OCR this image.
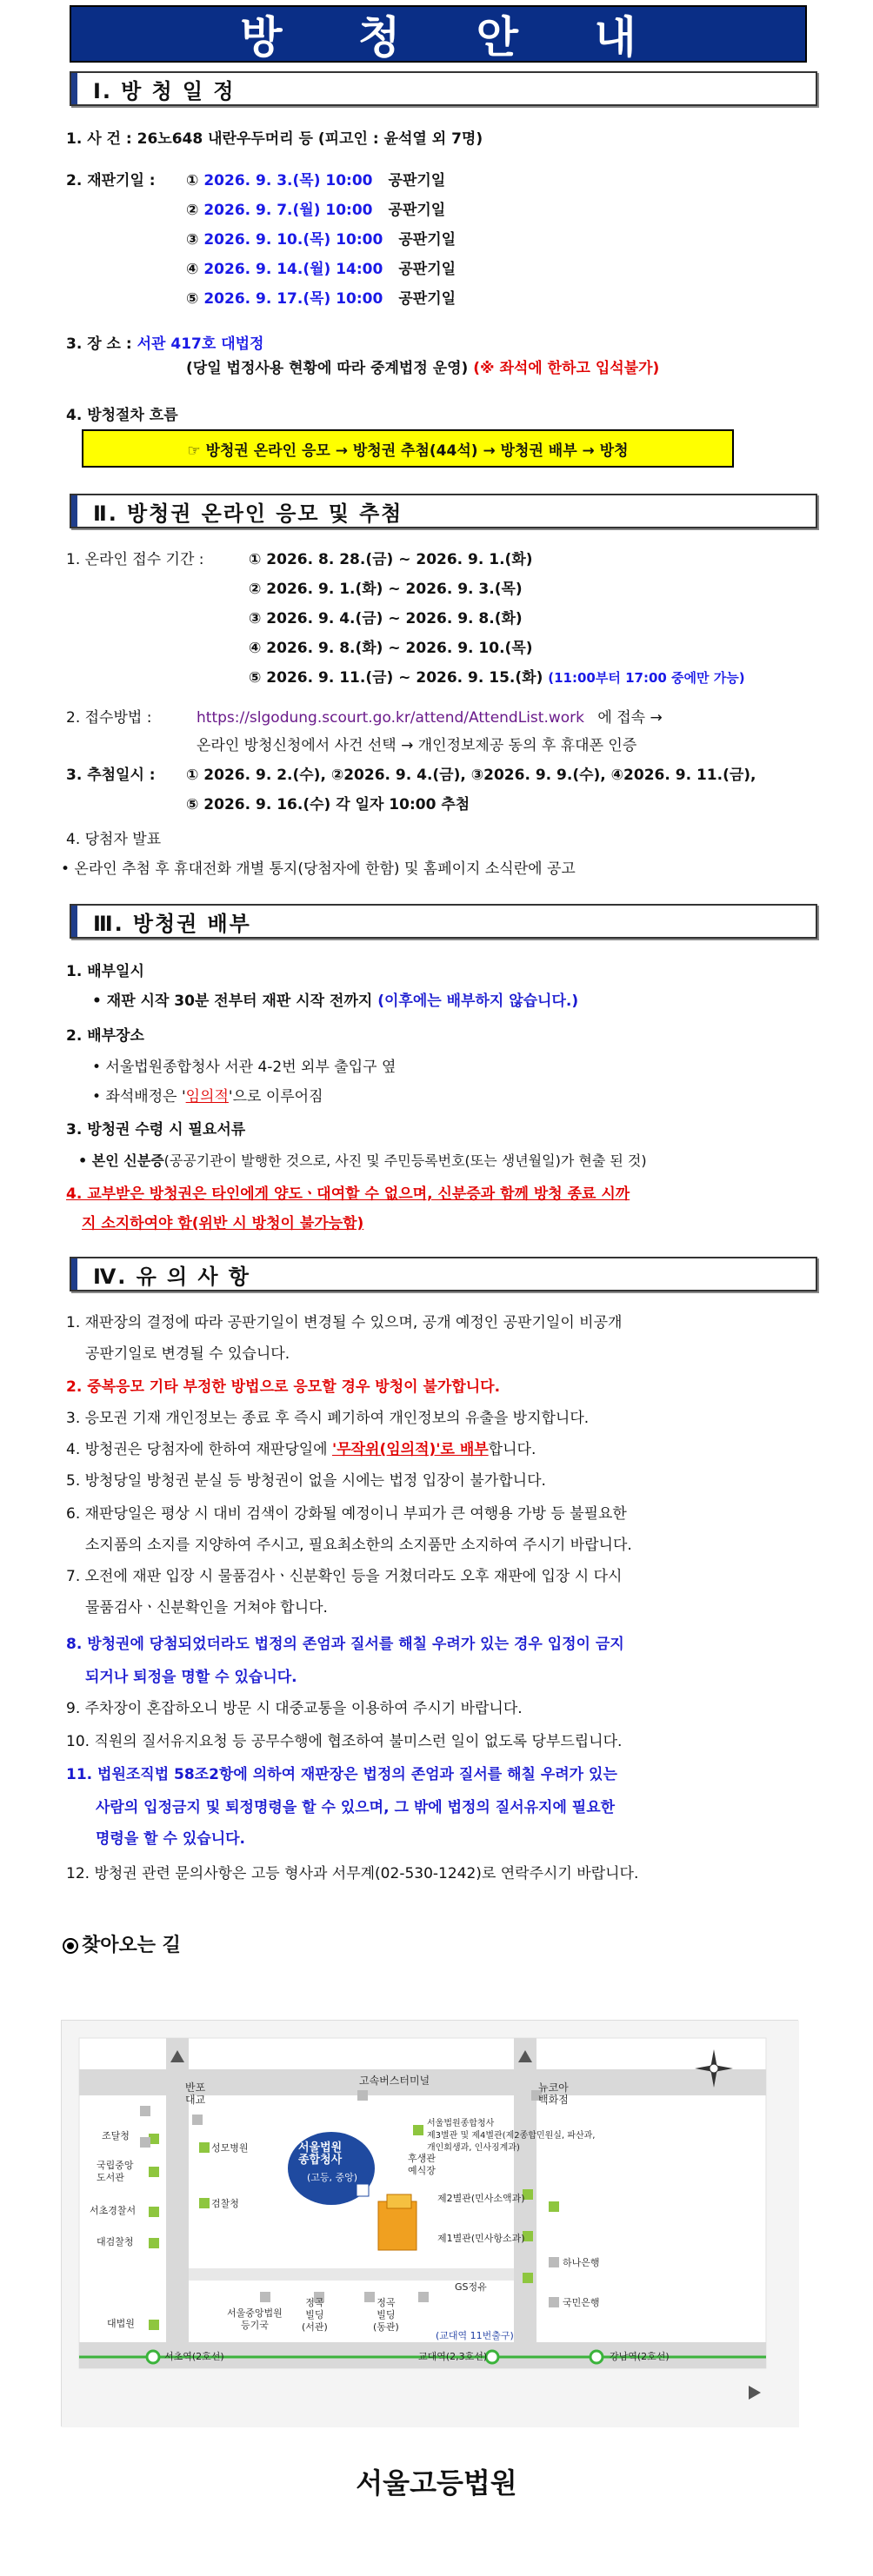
방 청 안 내
Ⅰ. 방 청 일 정
1. 사 건 : 26노648 내란우두머리 등 (피고인 : 윤석열 외 7명)
2. 재판기일 : ① 2026. 9. 3.(목) 10:00 공판기일
② 2026. 9. 7.(월) 10:00 공판기일
③ 2026. 9. 10.(목) 10:00 공판기일
④ 2026. 9. 14.(월) 14:00 공판기일
⑤ 2026. 9. 17.(목) 10:00 공판기일
3. 장 소 : 서관 417호 대법정
(당일 법정사용 현황에 따라 중계법정 운영) (※ 좌석에 한하고 입석불가)
4. 방청절차 흐름
☞ 방청권 온라인 응모 → 방청권 추첨(44석) → 방청권 배부 → 방청
Ⅱ. 방청권 온라인 응모 및 추첨
1. 온라인 접수 기간 :	① 2026. 8. 28.(금) ~ 2026. 9. 1.(화)
② 2026. 9. 1.(화) ~ 2026. 9. 3.(목)
③ 2026. 9. 4.(금) ~ 2026. 9. 8.(화)
④ 2026. 9. 8.(화) ~ 2026. 9. 10.(목)
⑤ 2026. 9. 11.(금) ~ 2026. 9. 15.(화) (11:00부터 17:00 중에만 가능)
2. 접수방법 :	https://slgodung.scourt.go.kr/attend/AttendList.work 에 접속 →
온라인 방청신청에서 사건 선택 → 개인정보제공 동의 후 휴대폰 인증
3. 추첨일시 : ① 2026. 9. 2.(수), ②2026. 9. 4.(금), ③2026. 9. 9.(수), ④2026. 9. 11.(금),
⑤ 2026. 9. 16.(수) 각 일자 10:00 추첨
4. 당첨자 발표
• 온라인 추첨 후 휴대전화 개별 통지(당첨자에 한함) 및 홈페이지 소식란에 공고
Ⅲ. 방청권 배부
1. 배부일시
• 재판 시작 30분 전부터 재판 시작 전까지 (이후에는 배부하지 않습니다.)
2. 배부장소
• 서울법원종합청사 서관 4-2번 외부 출입구 옆
• 좌석배정은 '임의적'으로 이루어짐
3. 방청권 수령 시 필요서류
• 본인 신분증(공공기관이 발행한 것으로, 사진 및 주민등록번호(또는 생년월일)가 현출 된 것)
4. 교부받은 방청권은 타인에게 양도ㆍ대여할 수 없으며, 신분증과 함께 방청 종료 시까
지 소지하여야 함(위반 시 방청이 불가능함)
Ⅳ. 유 의 사 항
1. 재판장의 결정에 따라 공판기일이 변경될 수 있으며, 공개 예정인 공판기일이 비공개
공판기일로 변경될 수 있습니다.
2. 중복응모 기타 부정한 방법으로 응모할 경우 방청이 불가합니다.
3. 응모권 기재 개인정보는 종료 후 즉시 폐기하여 개인정보의 유출을 방지합니다.
4. 방청권은 당첨자에 한하여 재판당일에 '무작위(임의적)'로 배부합니다.
5. 방청당일 방청권 분실 등 방청권이 없을 시에는 법정 입장이 불가합니다.
6. 재판당일은 평상 시 대비 검색이 강화될 예정이니 부피가 큰 여행용 가방 등 불필요한
소지품의 소지를 지양하여 주시고, 필요최소한의 소지품만 소지하여 주시기 바랍니다.
7. 오전에 재판 입장 시 물품검사ㆍ신분확인 등을 거쳤더라도 오후 재판에 입장 시 다시
물품검사ㆍ신분확인을 거쳐야 합니다.
8. 방청권에 당첨되었더라도 법정의 존엄과 질서를 해칠 우려가 있는 경우 입정이 금지
되거나 퇴정을 명할 수 있습니다.
9. 주차장이 혼잡하오니 방문 시 대중교통을 이용하여 주시기 바랍니다.
10. 직원의 질서유지요청 등 공무수행에 협조하여 불미스런 일이 없도록 당부드립니다.
11. 법원조직법 58조2항에 의하여 재판장은 법정의 존엄과 질서를 해칠 우려가 있는
사람의 입정금지 및 퇴정명령을 할 수 있으며, 그 밖에 법정의 질서유지에 필요한
명령을 할 수 있습니다.
12. 방청권 관련 문의사항은 고등 형사과 서무계(02-530-1242)로 연락주시기 바랍니다.
찾아오는 길
고속버스터미널
반포
대교
뉴코아
백화점
서울법원
종합청사
(고등, 중앙)
조달청
국립중앙
도서관
서초경찰서
대검찰청
대법원
성모병원
검찰청
후생관
예식장
서울법원종합청사
제3별관 및 제4별관(제2종합민원실, 파산과,
개인회생과, 인사징계과)
제2별관(민사소액과)
제1별관(민사항소과)
하나은행
국민은행
GS정유
서울중앙법원
등기국
정곡
빌딩
(서관)
정곡
빌딩
(동관)
(교대역 11번출구)
서초역(2호선)	교대역(2,3호선)	강남역(2호선)
서울고등법원
